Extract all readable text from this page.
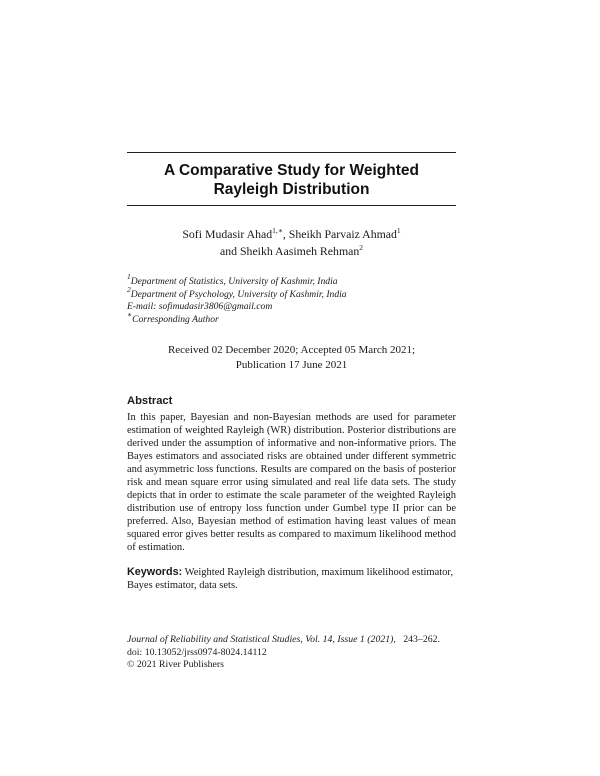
A Comparative Study for Weighted
Rayleigh Distribution
Sofi Mudasir Ahad$^{1,∗}$, Sheikh Parvaiz Ahmad$^1$
and Sheikh Aasimeh Rehman$^2$
$^1$Department of Statistics, University of Kashmir, India
$^2$Department of Psychology, University of Kashmir, India
E-mail: sofimudasir3806@gmail.com
∗Corresponding Author
Received 02 December 2020; Accepted 05 March 2021;
Publication 17 June 2021
Abstract

In this paper, Bayesian and non-Bayesian methods are used for parameter estimation of weighted Rayleigh (WR) distribution. Posterior distributions are derived under the assumption of informative and non-informative priors. The Bayes estimators and associated risks are obtained under different symmetric and asymmetric loss functions. Results are compared on the basis of posterior risk and mean square error using simulated and real life data sets. The study depicts that in order to estimate the scale parameter of the weighted Rayleigh distribution use of entropy loss function under Gumbel type II prior can be preferred. Also, Bayesian method of estimation having least values of mean squared error gives better results as compared to maximum likelihood method of estimation.

Keywords: Weighted Rayleigh distribution, maximum likelihood estimator, Bayes estimator, data sets.

Journal of Reliability and Statistical Studies, Vol. 14, Issue 1 (2021), 243–262.
doi: 10.13052/jrss0974-8024.14112
© 2021 River Publishers
